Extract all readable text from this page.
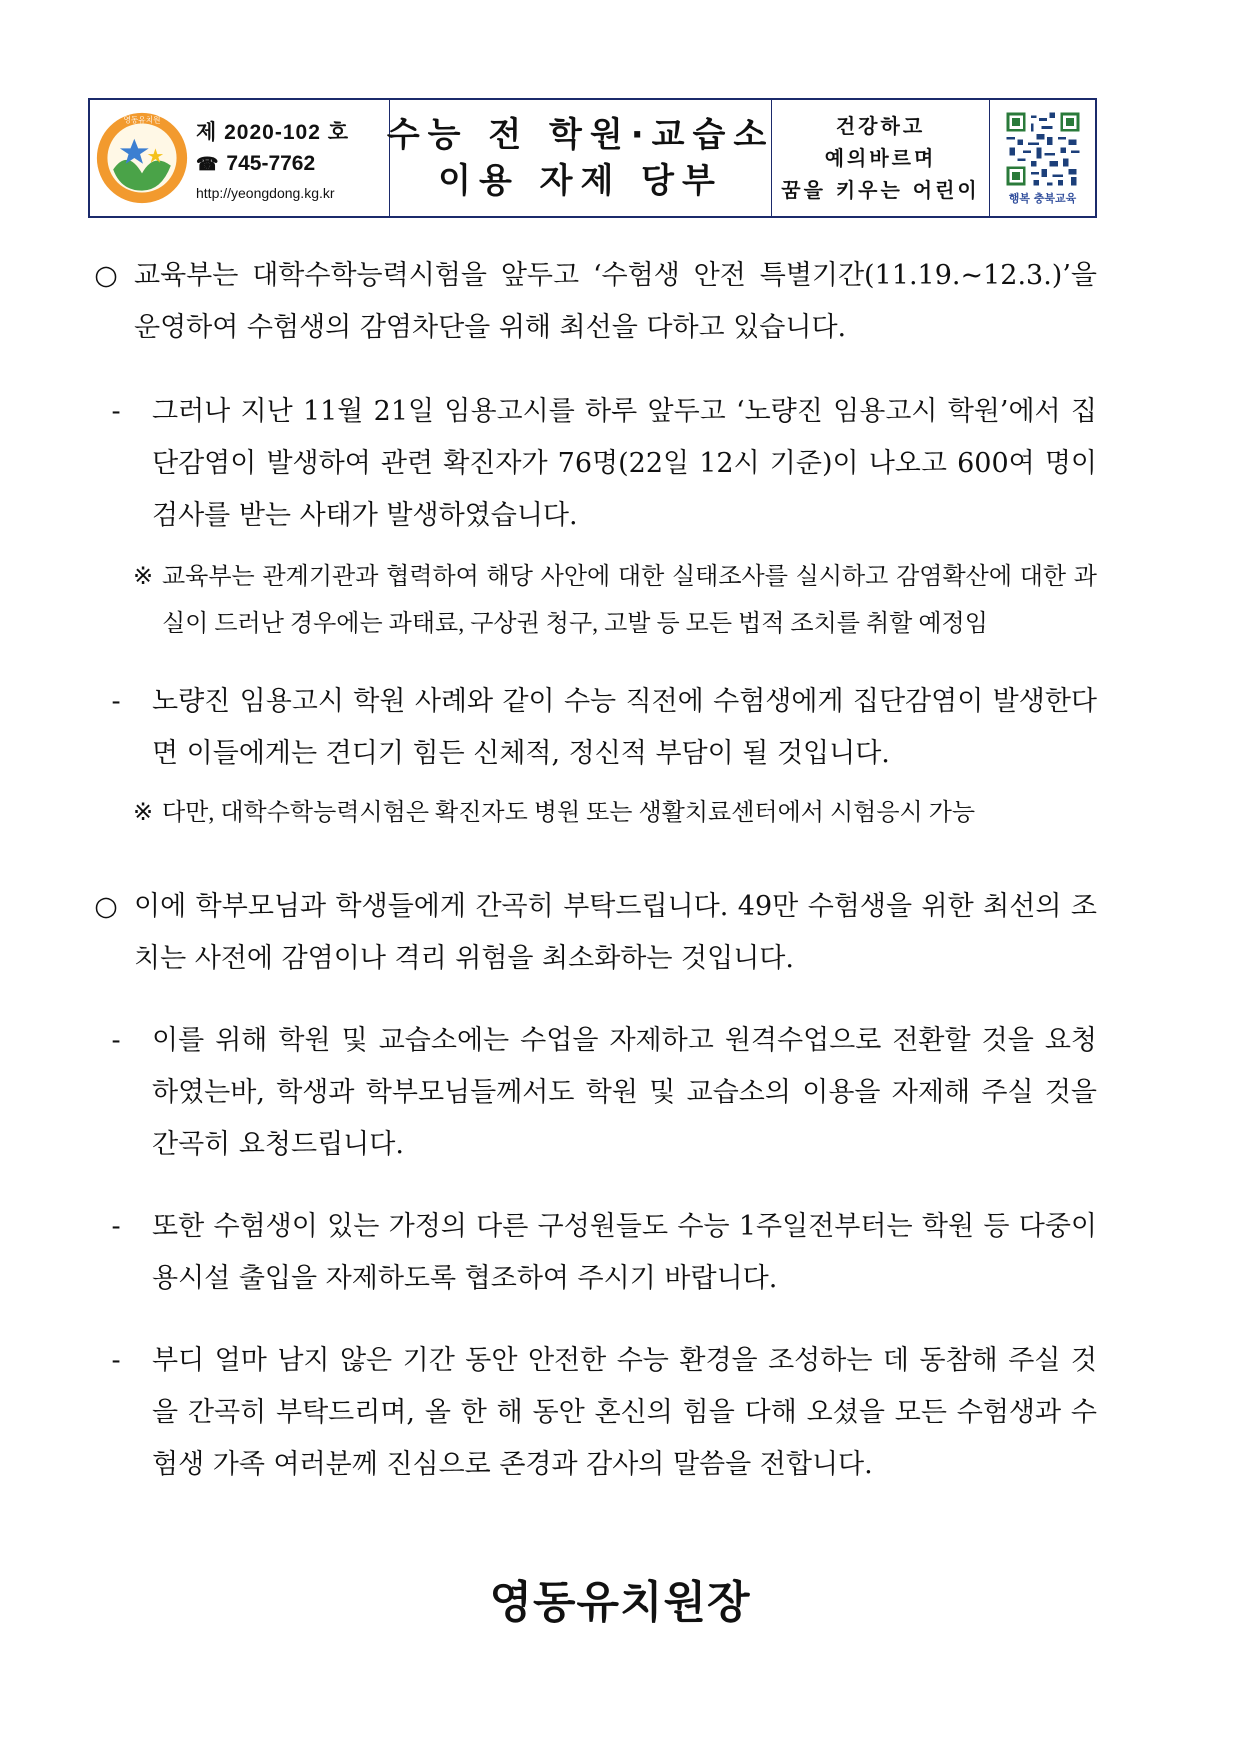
영동유치원
제 2020-102 호
☎ 745-7762
http://yeongdong.kg.kr
수능 전 학원·교습소
이용 자제 당부
건강하고
예의바르며
꿈을 키우는 어린이	행복 충북교육
○ 교육부는 대학수학능력시험을 앞두고 ‘수험생 안전 특별기간(11.19.~12.3.)’을 운영하여 수험생의 감염차단을 위해 최선을 다하고 있습니다.
-	그러나 지난 11월 21일 임용고시를 하루 앞두고 ‘노량진 임용고시 학원’에서 집단감염이 발생하여 관련 확진자가 76명(22일 12시 기준)이 나오고 600여 명이 검사를 받는 사태가 발생하였습니다.
※ 교육부는 관계기관과 협력하여 해당 사안에 대한 실태조사를 실시하고 감염확산에 대한 과실이 드러난 경우에는 과태료, 구상권 청구, 고발 등 모든 법적 조치를 취할 예정임
-	노량진 임용고시 학원 사례와 같이 수능 직전에 수험생에게 집단감염이 발생한다면 이들에게는 견디기 힘든 신체적, 정신적 부담이 될 것입니다.
※ 다만, 대학수학능력시험은 확진자도 병원 또는 생활치료센터에서 시험응시 가능
○ 이에 학부모님과 학생들에게 간곡히 부탁드립니다. 49만 수험생을 위한 최선의 조치는 사전에 감염이나 격리 위험을 최소화하는 것입니다.
-	이를 위해 학원 및 교습소에는 수업을 자제하고 원격수업으로 전환할 것을 요청하였는바, 학생과 학부모님들께서도 학원 및 교습소의 이용을 자제해 주실 것을 간곡히 요청드립니다.
-	또한 수험생이 있는 가정의 다른 구성원들도 수능 1주일전부터는 학원 등 다중이용시설 출입을 자제하도록 협조하여 주시기 바랍니다.
-	부디 얼마 남지 않은 기간 동안 안전한 수능 환경을 조성하는 데 동참해 주실 것을 간곡히 부탁드리며, 올 한 해 동안 혼신의 힘을 다해 오셨을 모든 수험생과 수험생 가족 여러분께 진심으로 존경과 감사의 말씀을 전합니다.
영동유치원장
